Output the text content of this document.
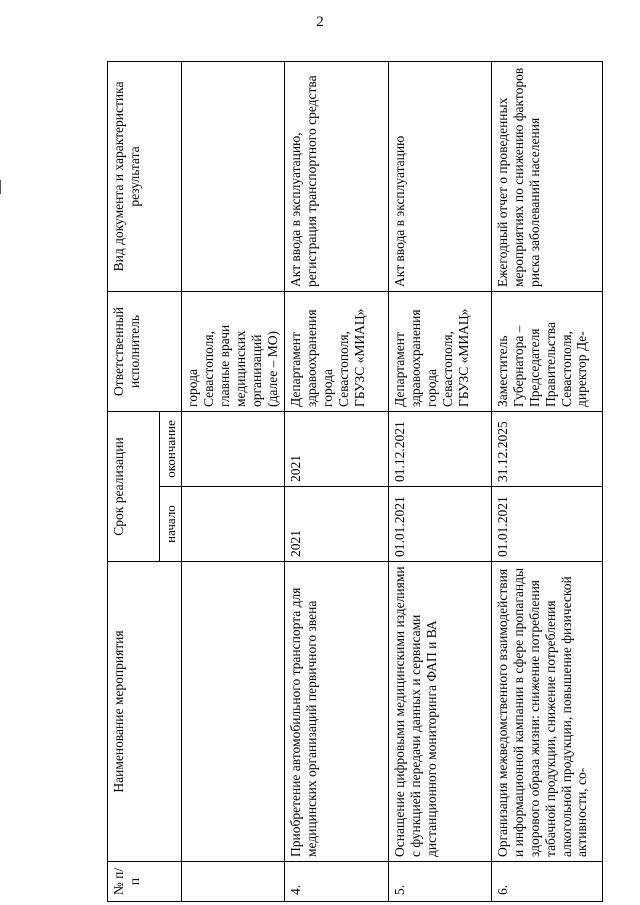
2
№ п/п	Наименование мероприятия	Срок реализации		Ответственный исполнитель	Вид документа и характеристика результата
		начало	окончание		
				города Севастополя, главные врачи медицинских организаций (далее – МО)	
4.	Приобретение автомобильного транспорта для медицинских организаций первичного звена	2021	2021	Департамент здравоохранения города Севастополя, ГБУЗС «МИАЦ»	Акт ввода в эксплуатацию, регистрация транспортного средства
5.	Оснащение цифровыми медицинскими изделиями с функцией передачи данных и сервисами дистанционного мониторинга ФАП и ВА	01.01.2021	01.12.2021	Департамент здравоохранения города Севастополя, ГБУЗС «МИАЦ»	Акт ввода в эксплуатацию
6.	Организация межведомственного взаимодействия и информационной кампании в сфере пропаганды здорового образа жизни: снижение потребления табачной продукции, снижение потребления алкогольной продукции, повышение физической активности, со-	01.01.2021	31.12.2025	Заместитель Губернатора – Председателя Правительства Севастополя, директор Де-	Ежегодный отчет о проведенных мероприятиях по снижению факторов риска заболеваний населения
